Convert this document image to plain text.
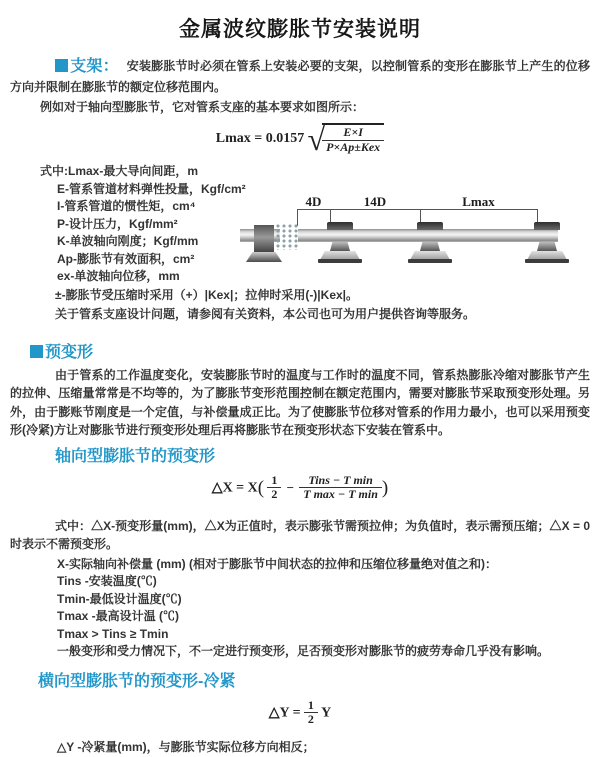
金属波纹膨胀节安装说明

支架： 安装膨胀节时必须在管系上安装必要的支架，以控制管系的变形在膨胀节上产生的位移方向并限制在膨胀节的额定位移范围内。

例如对于轴向型膨胀节，它对管系支座的基本要求如图所示：

Lmax = 0.0157 √
$\frac{E\times I}{\text{P×Ap±Kex}}$
式中:Lmax-最大导向间距，m
E-管系管道材料弹性投量，Kgf/cm²
I-管系管道的惯性矩，cm⁴
P-设计压力，Kgf/mm²
K-单波轴向刚度；Kgf/mm
Ap-膨胀节有效面积，cm²
ex-单波轴向位移，mm

±-膨胀节受压缩时采用（+）|Kex|；拉伸时采用(-)|Kex|。

关于管系支座设计问题，请参阅有关资料，本公司也可为用户提供咨询等服务。

4D	14D	Lmax
预变形

由于管系的工作温度变化，安装膨胀节时的温度与工作时的温度不同，管系热膨胀冷缩对膨胀节产生的拉伸、压缩量常常是不均等的，为了膨胀节变形范围控制在额定范围内，需要对膨胀节采取预变形处理。另外，由于膨账节刚度是一个定值，与补偿量成正比。为了使膨胀节位移对管系的作用力最小，也可以采用预变形(冷紧)方让对膨胀节进行预变形处理后再将膨胀节在预变形状态下安装在管系中。

轴向型膨胀节的预变形
△X = $X( \frac{1}{2} - \frac{\text{Tins − T min}}{\text{T max − T min}}$ )

式中：△X-预变形量(mm)，△X为正值时，表示膨张节需预拉伸；为负值时，表示需预压缩；△X = 0时表示不需预变形。

X-实际轴向补偿量 (mm) (相对于膨胀节中间状态的拉伸和压缩位移量绝对值之和)：
Tins -安装温度(℃)
Tmin-最低设计温度(℃)
Tmax -最高设计温 (℃)
Tmax > Tins ≥ Tmin
一般变形和受力情况下，不一定进行预变形，足否预变形对膨胀节的疲劳寿命几乎没有影响。
横向型膨胀节的预变形-冷紧
△Y = $\frac{1}{2}$ Y

△Y -冷紧量(mm)，与膨胀节实际位移方向相反；
